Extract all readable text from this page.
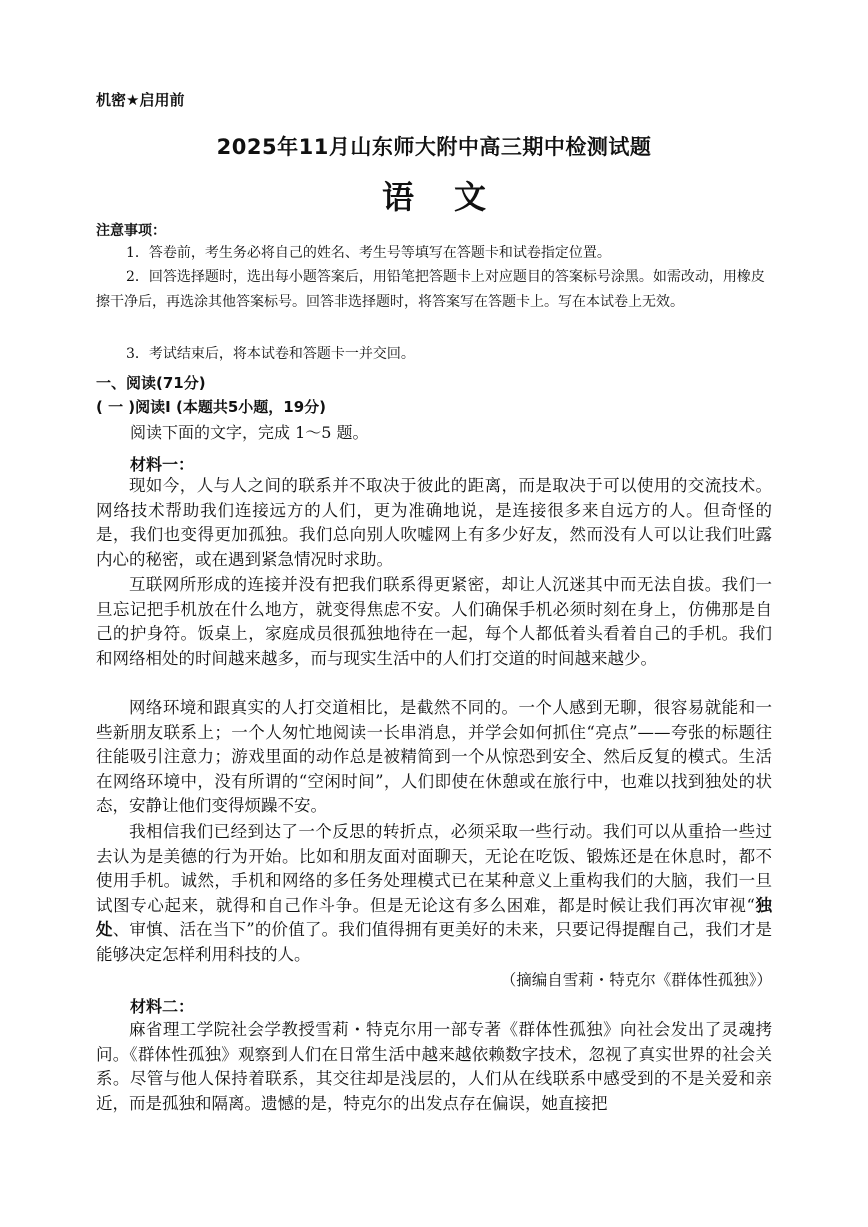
机密★启用前
2025年11月山东师大附中高三期中检测试题
语文
注意事项：
1．答卷前，考生务必将自己的姓名、考生号等填写在答题卡和试卷指定位置。
2．回答选择题时，选出每小题答案后，用铅笔把答题卡上对应题目的答案标号涂黑。如需改动，用橡皮擦干净后，再选涂其他答案标号。回答非选择题时，将答案写在答题卡上。写在本试卷上无效。
3．考试结束后，将本试卷和答题卡一并交回。
一、阅读(71分)
( 一 )阅读Ⅰ (本题共5小题，19分)
阅读下面的文字，完成 1～5 题。
材料一：

现如今，人与人之间的联系并不取决于彼此的距离，而是取决于可以使用的交流技术。网络技术帮助我们连接远方的人们，更为准确地说，是连接很多来自远方的人。但奇怪的是，我们也变得更加孤独。我们总向别人吹嘘网上有多少好友，然而没有人可以让我们吐露内心的秘密，或在遇到紧急情况时求助。

互联网所形成的连接并没有把我们联系得更紧密，却让人沉迷其中而无法自拔。我们一旦忘记把手机放在什么地方，就变得焦虑不安。人们确保手机必须时刻在身上，仿佛那是自己的护身符。饭桌上，家庭成员很孤独地待在一起，每个人都低着头看着自己的手机。我们和网络相处的时间越来越多，而与现实生活中的人们打交道的时间越来越少。

网络环境和跟真实的人打交道相比，是截然不同的。一个人感到无聊，很容易就能和一些新朋友联系上；一个人匆忙地阅读一长串消息，并学会如何抓住“亮点”——夸张的标题往往能吸引注意力；游戏里面的动作总是被精简到一个从惊恐到安全、然后反复的模式。生活在网络环境中，没有所谓的“空闲时间”，人们即使在休憩或在旅行中，也难以找到独处的状态，安静让他们变得烦躁不安。

我相信我们已经到达了一个反思的转折点，必须采取一些行动。我们可以从重拾一些过去认为是美德的行为开始。比如和朋友面对面聊天，无论在吃饭、锻炼还是在休息时，都不使用手机。诚然，手机和网络的多任务处理模式已在某种意义上重构我们的大脑，我们一旦试图专心起来，就得和自己作斗争。但是无论这有多么困难，都是时候让我们再次审视“独处、审慎、活在当下”的价值了。我们值得拥有更美好的未来，只要记得提醒自己，我们才是能够决定怎样利用科技的人。

（摘编自雪莉・特克尔《群体性孤独》）
材料二：

麻省理工学院社会学教授雪莉・特克尔用一部专著《群体性孤独》向社会发出了灵魂拷问。《群体性孤独》观察到人们在日常生活中越来越依赖数字技术，忽视了真实世界的社会关系。尽管与他人保持着联系，其交往却是浅层的，人们从在线联系中感受到的不是关爱和亲近，而是孤独和隔离。遗憾的是，特克尔的出发点存在偏误，她直接把
